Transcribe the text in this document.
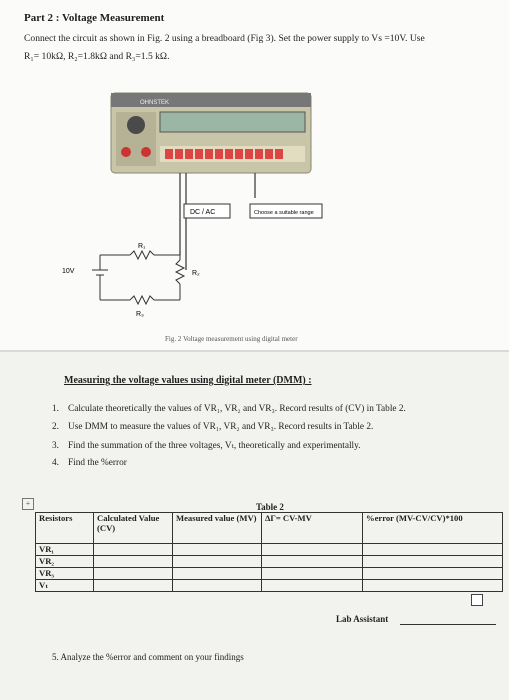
Part 2 : Voltage Measurement
Connect the circuit as shown in Fig. 2 using a breadboard (Fig 3). Set the power supply to Vs =10V. Use
R₁= 10kΩ, R₂=1.8kΩ and R₃=1.5 kΩ.
OHNSTEK
DC / AC	Choose a suitable range
10V
R₁
R₂
R₃
Fig. 2 Voltage measurement using digital meter
Measuring the voltage values using digital meter (DMM) :
1. Calculate theoretically the values of VR₁, VR₂ and VR₃. Record results of (CV) in Table 2.
2. Use DMM to measure the values of VR₁, VR₂ and VR₃. Record results in Table 2.
3. Find the summation of the three voltages, Vₜ, theoretically and experimentally.
4. Find the %error
+	Table 2
Resistors	Calculated Value (CV)	Measured value (MV)	ΔΓ= CV-MV	%error (MV-CV/CV)*100
VR₁				
VR₂				
VR₃				
Vₜ				
Lab Assistant
5. Analyze the %error and comment on your findings
